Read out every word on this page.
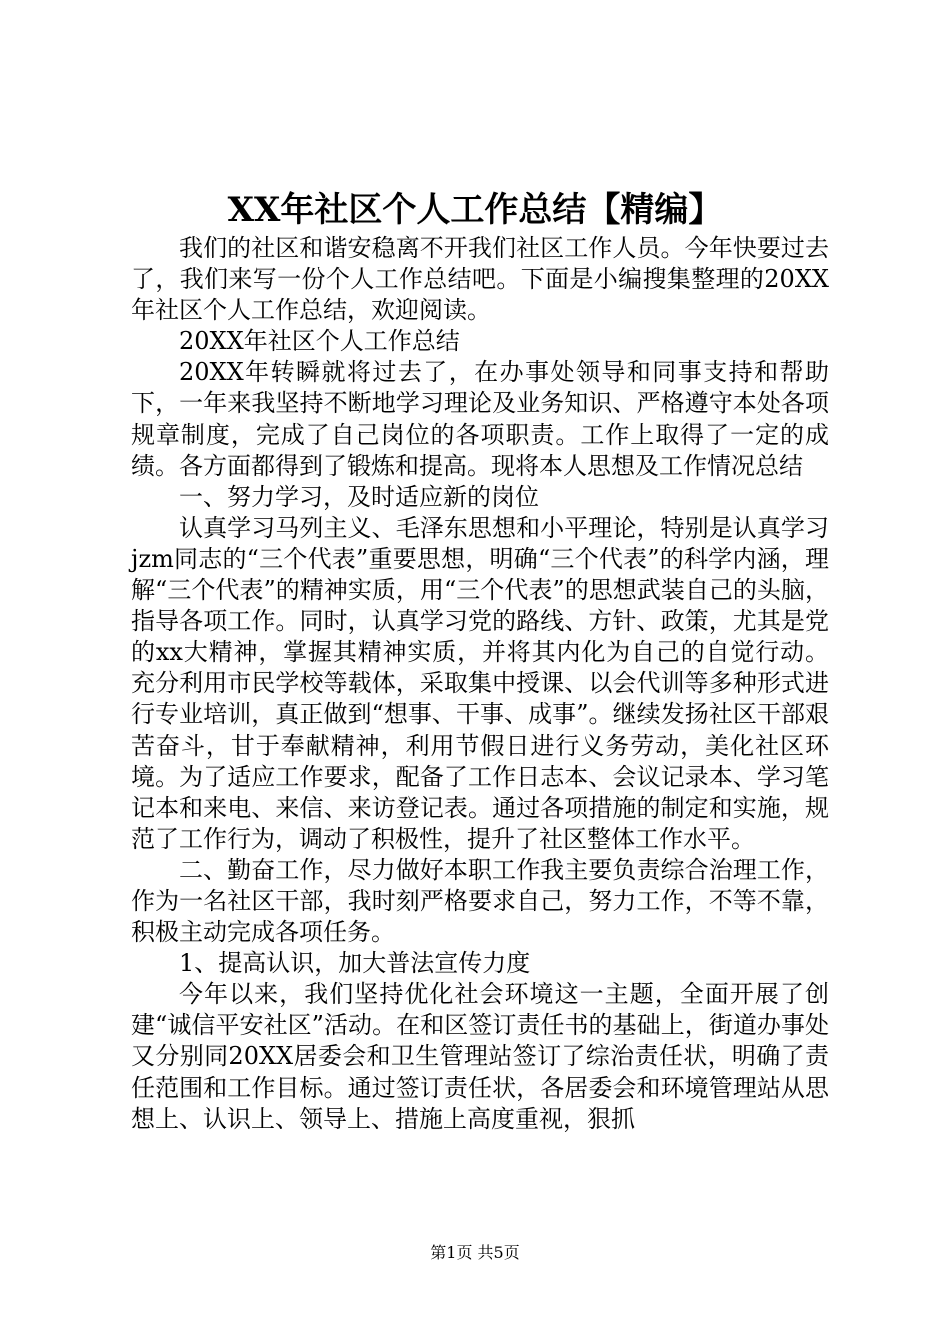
XX年社区个人工作总结【精编】

我们的社区和谐安稳离不开我们社区工作人员。今年快要过去了，我们来写一份个人工作总结吧。下面是小编搜集整理的20XX年社区个人工作总结，欢迎阅读。

20XX年社区个人工作总结

20XX年转瞬就将过去了，在办事处领导和同事支持和帮助下，一年来我坚持不断地学习理论及业务知识、严格遵守本处各项规章制度，完成了自己岗位的各项职责。工作上取得了一定的成绩。各方面都得到了锻炼和提高。现将本人思想及工作情况总结

一、努力学习，及时适应新的岗位

认真学习马列主义、毛泽东思想和小平理论，特别是认真学习jzm同志的“三个代表”重要思想，明确“三个代表”的科学内涵，理解“三个代表”的精神实质，用“三个代表”的思想武装自己的头脑，指导各项工作。同时，认真学习党的路线、方针、政策，尤其是党的xx大精神，掌握其精神实质，并将其内化为自己的自觉行动。充分利用市民学校等载体，采取集中授课、以会代训等多种形式进行专业培训，真正做到“想事、干事、成事”。继续发扬社区干部艰苦奋斗，甘于奉献精神，利用节假日进行义务劳动，美化社区环境。为了适应工作要求，配备了工作日志本、会议记录本、学习笔记本和来电、来信、来访登记表。通过各项措施的制定和实施，规范了工作行为，调动了积极性，提升了社区整体工作水平。

二、勤奋工作，尽力做好本职工作我主要负责综合治理工作，作为一名社区干部，我时刻严格要求自己，努力工作，不等不靠，积极主动完成各项任务。

1、提高认识，加大普法宣传力度

今年以来，我们坚持优化社会环境这一主题，全面开展了创建“诚信平安社区”活动。在和区签订责任书的基础上，街道办事处又分别同20XX居委会和卫生管理站签订了综治责任状，明确了责任范围和工作目标。通过签订责任状，各居委会和环境管理站从思想上、认识上、领导上、措施上高度重视，狠抓

第1页 共5页
